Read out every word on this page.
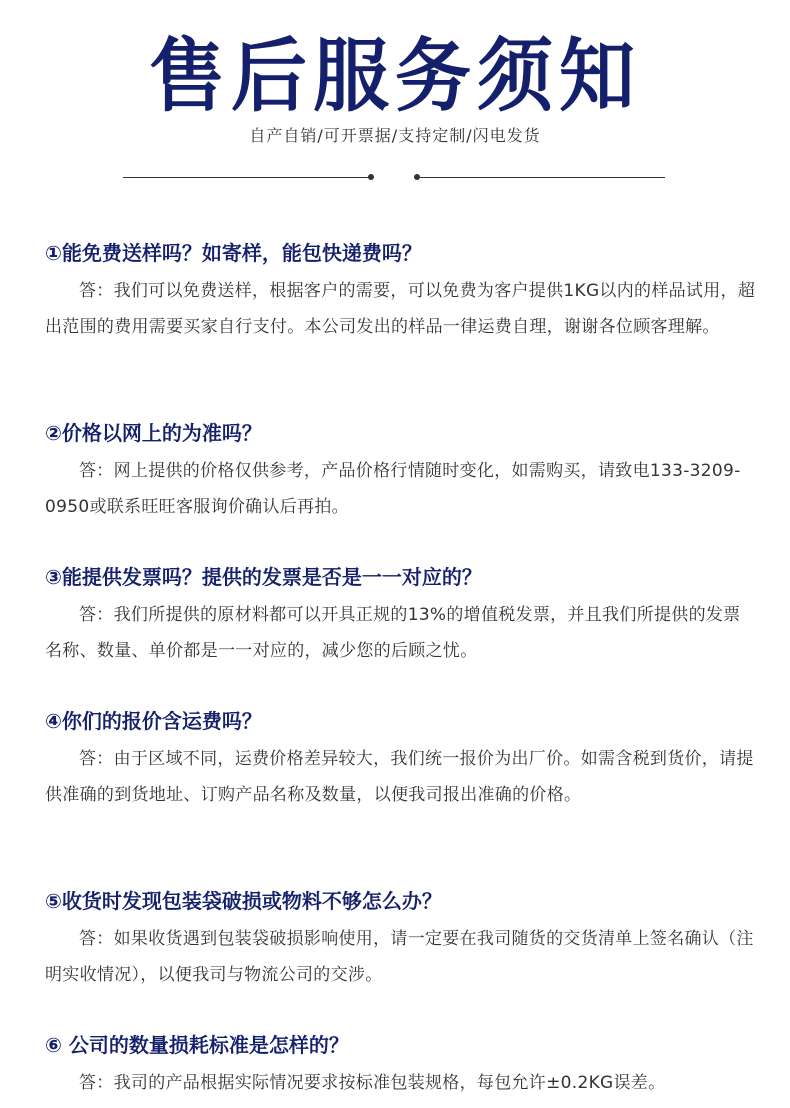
售后服务须知
自产自销/可开票据/支持定制/闪电发货
①能免费送样吗？如寄样，能包快递费吗？
答：我们可以免费送样，根据客户的需要，可以免费为客户提供1KG以内的样品试用，超出范围的费用需要买家自行支付。本公司发出的样品一律运费自理，谢谢各位顾客理解。
②价格以网上的为准吗？
答：网上提供的价格仅供参考，产品价格行情随时变化，如需购买，请致电133-3209-0950或联系旺旺客服询价确认后再拍。
③能提供发票吗？提供的发票是否是一一对应的？
答：我们所提供的原材料都可以开具正规的13%的增值税发票，并且我们所提供的发票名称、数量、单价都是一一对应的，减少您的后顾之忧。
④你们的报价含运费吗？
答：由于区域不同，运费价格差异较大，我们统一报价为出厂价。如需含税到货价，请提供准确的到货地址、订购产品名称及数量，以便我司报出准确的价格。
⑤收货时发现包装袋破损或物料不够怎么办？
答：如果收货遇到包装袋破损影响使用，请一定要在我司随货的交货清单上签名确认（注明实收情况），以便我司与物流公司的交涉。
⑥ 公司的数量损耗标准是怎样的？
答：我司的产品根据实际情况要求按标准包装规格，每包允许±0.2KG误差。
